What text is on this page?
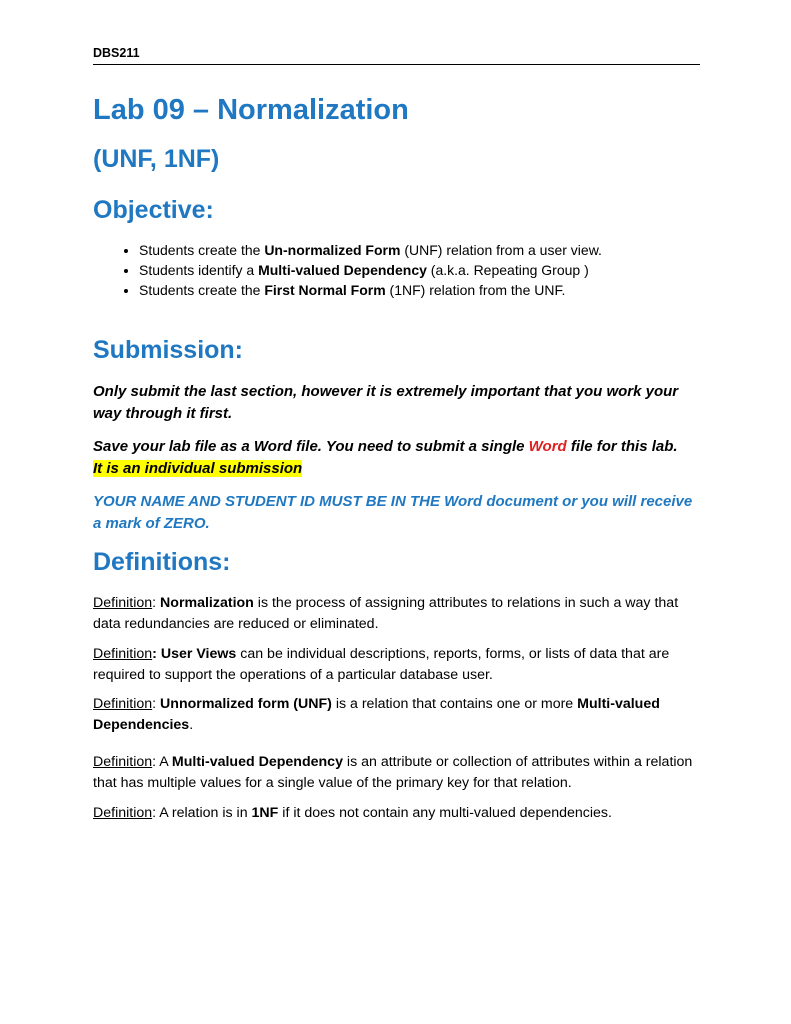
DBS211
Lab 09 – Normalization
(UNF, 1NF)
Objective:
• Students create the Un-normalized Form (UNF) relation from a user view.
• Students identify a Multi-valued Dependency (a.k.a. Repeating Group )
• Students create the First Normal Form (1NF) relation from the UNF.
Submission:

Only submit the last section, however it is extremely important that you work your way through it first.

Save your lab file as a Word file. You need to submit a single Word file for this lab.
It is an individual submission

YOUR NAME AND STUDENT ID MUST BE IN THE Word document or you will receive a mark of ZERO.

Definitions:

Definition: Normalization is the process of assigning attributes to relations in such a way that data redundancies are reduced or eliminated.

Definition: User Views can be individual descriptions, reports, forms, or lists of data that are required to support the operations of a particular database user.

Definition: Unnormalized form (UNF) is a relation that contains one or more Multi-valued Dependencies.

Definition: A Multi-valued Dependency is an attribute or collection of attributes within a relation that has multiple values for a single value of the primary key for that relation.

Definition: A relation is in 1NF if it does not contain any multi-valued dependencies.
